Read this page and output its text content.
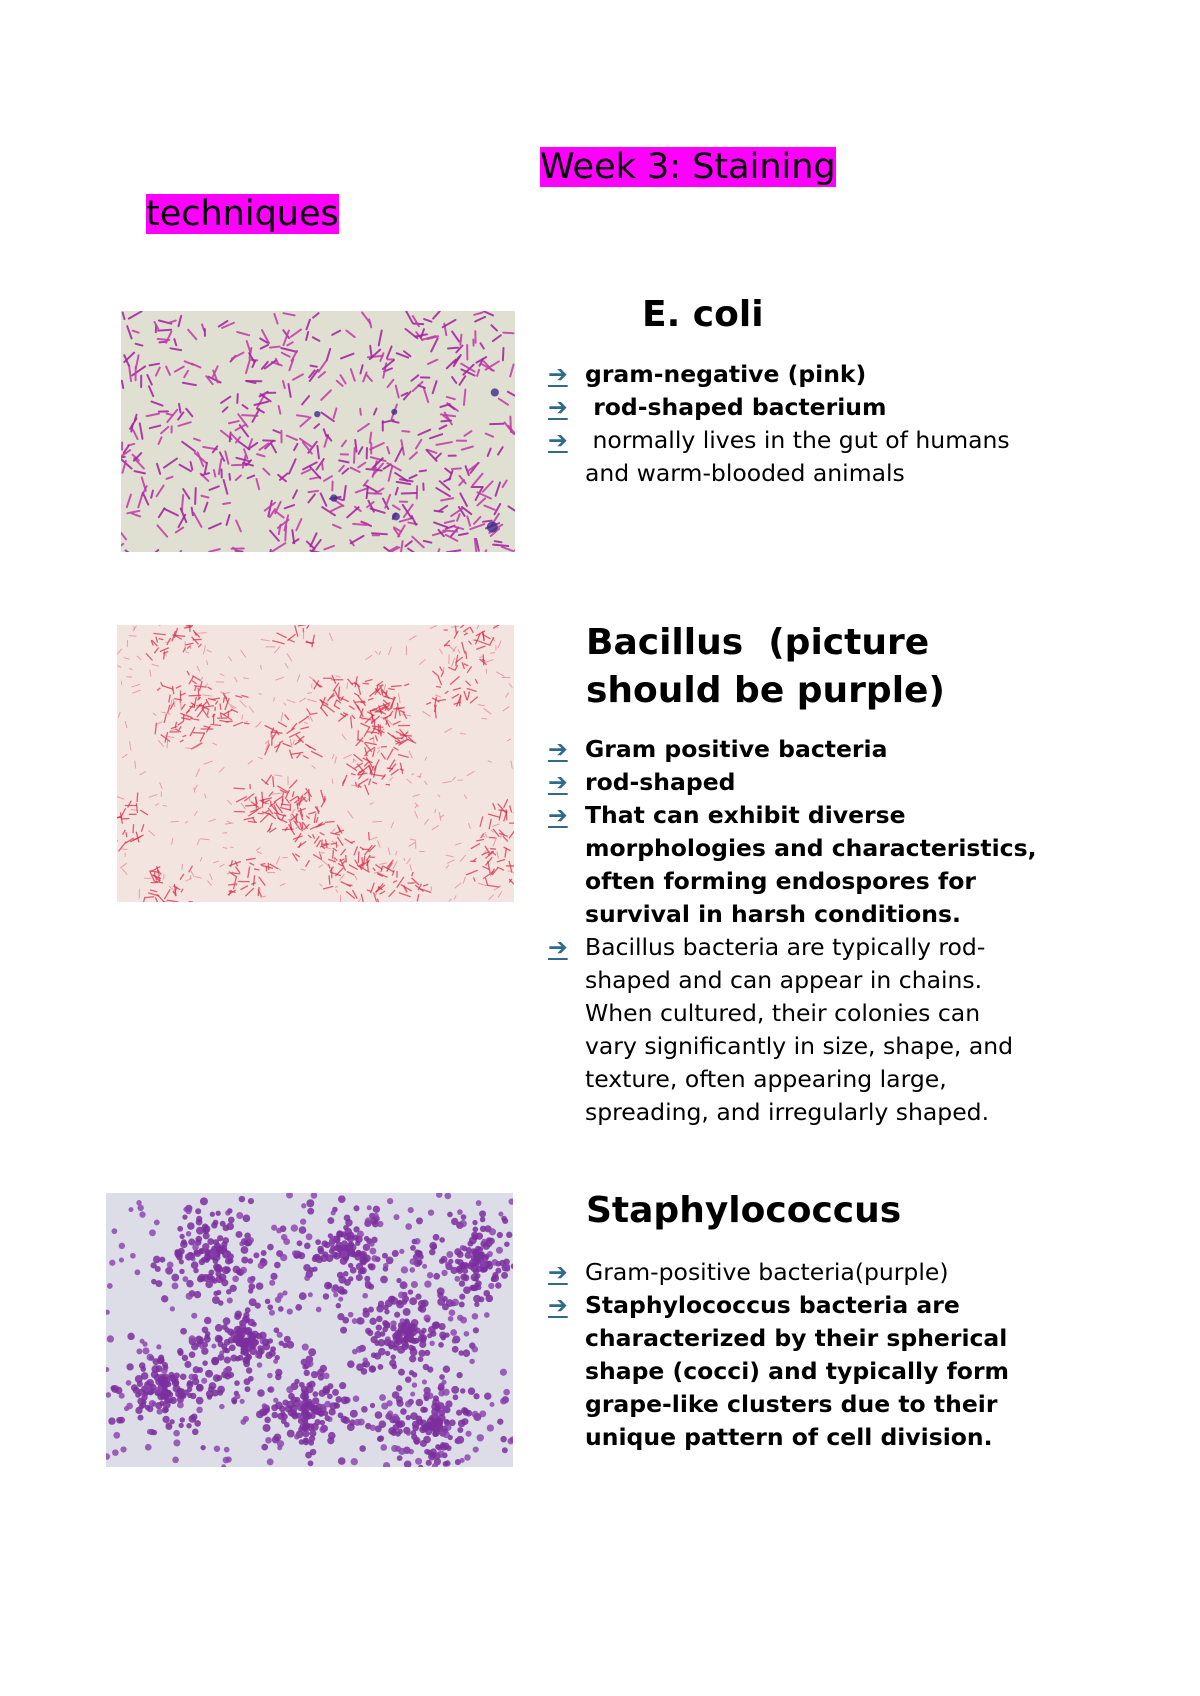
Week 3: Staining
techniques
E. coli
➔ gram-negative (pink)
➔ rod-shaped bacterium
➔ normally lives in the gut of humans and warm-blooded animals
Bacillus  (picture should be purple)
➔ Gram positive bacteria
➔ rod-shaped
➔ That can exhibit diverse morphologies and characteristics, often forming endospores for survival in harsh conditions.
➔ Bacillus bacteria are typically rod-shaped and can appear in chains. When cultured, their colonies can vary significantly in size, shape, and texture, often appearing large, spreading, and irregularly shaped.
Staphylococcus
➔ Gram-positive bacteria(purple)
➔ Staphylococcus bacteria are characterized by their spherical shape (cocci) and typically form grape-like clusters due to their unique pattern of cell division.
